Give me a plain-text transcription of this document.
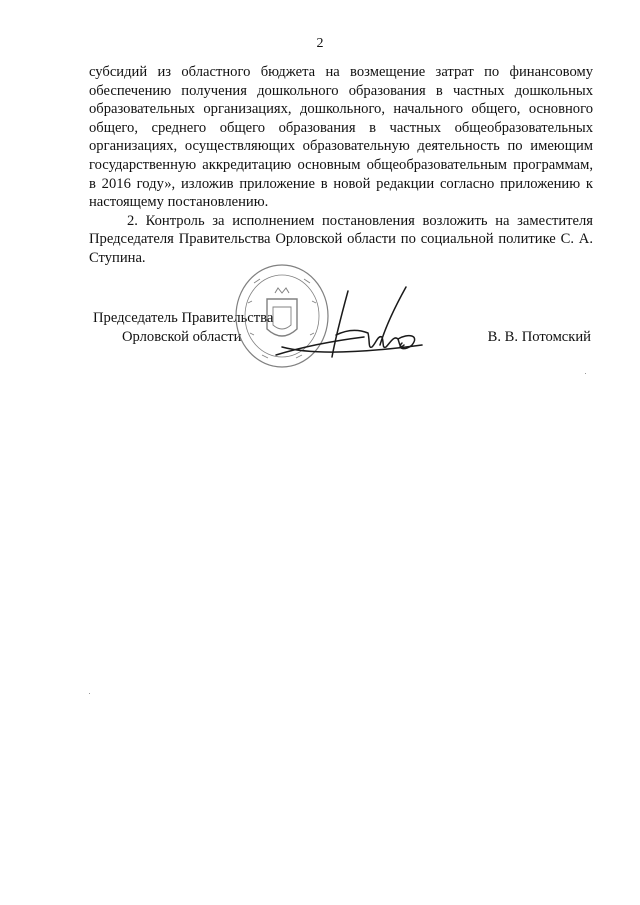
2

субсидий из областного бюджета на возмещение затрат по финансовому обеспечению получения дошкольного образования в частных дошкольных образовательных организациях, дошкольного, начального общего, основного общего, среднего общего образования в частных общеобразовательных организациях, осуществляющих образовательную деятельность по имеющим государственную аккредитацию основным общеобразовательным программам, в 2016 году», изложив приложение в новой редакции согласно приложению к настоящему постановлению.

2. Контроль за исполнением постановления возложить на заместителя Председателя Правительства Орловской области по социальной политике С. А. Ступина.

Председатель Правительства
Орловской области	В. В. Потомский
